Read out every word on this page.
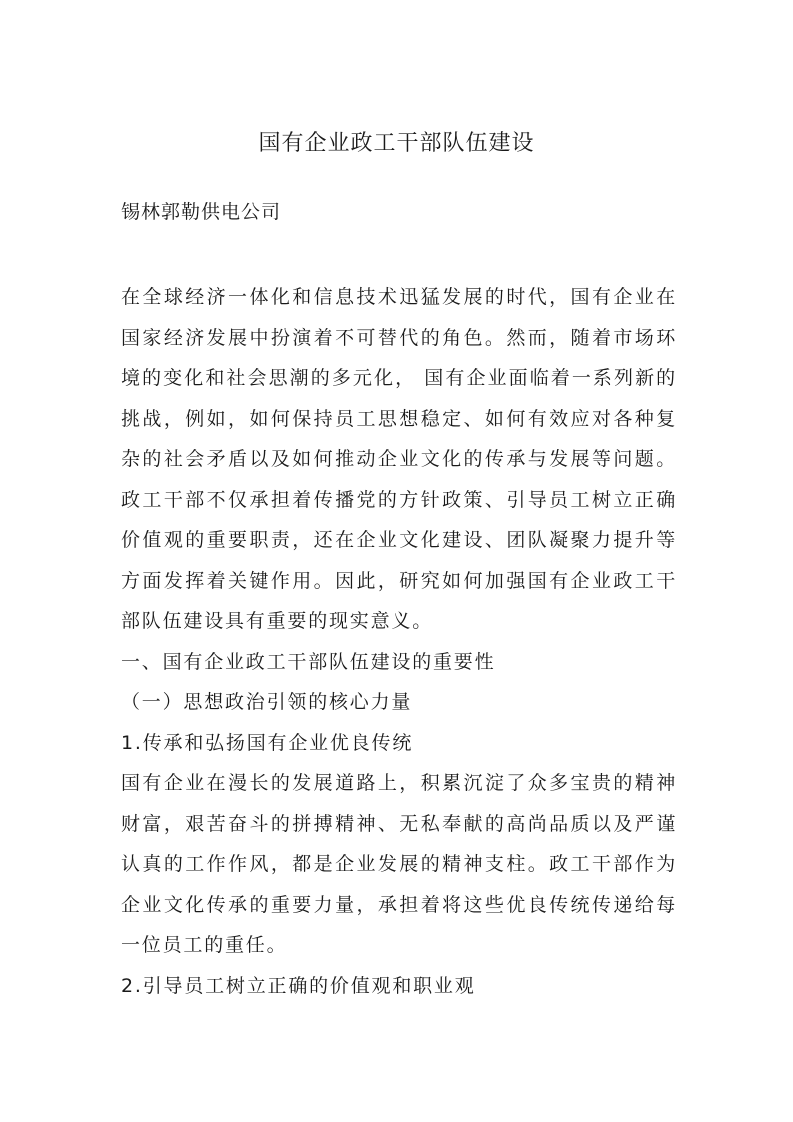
国有企业政工干部队伍建设

锡林郭勒供电公司

在全球经济一体化和信息技术迅猛发展的时代，国有企业在国家经济发展中扮演着不可替代的角色。然而，随着市场环境的变化和社会思潮的多元化， 国有企业面临着一系列新的挑战，例如，如何保持员工思想稳定、如何有效应对各种复杂的社会矛盾以及如何推动企业文化的传承与发展等问题。政工干部不仅承担着传播党的方针政策、引导员工树立正确价值观的重要职责，还在企业文化建设、团队凝聚力提升等方面发挥着关键作用。因此，研究如何加强国有企业政工干部队伍建设具有重要的现实意义。

一、国有企业政工干部队伍建设的重要性

（一）思想政治引领的核心力量

1.传承和弘扬国有企业优良传统

国有企业在漫长的发展道路上，积累沉淀了众多宝贵的精神财富，艰苦奋斗的拼搏精神、无私奉献的高尚品质以及严谨认真的工作作风，都是企业发展的精神支柱。政工干部作为企业文化传承的重要力量，承担着将这些优良传统传递给每一位员工的重任。

2.引导员工树立正确的价值观和职业观
